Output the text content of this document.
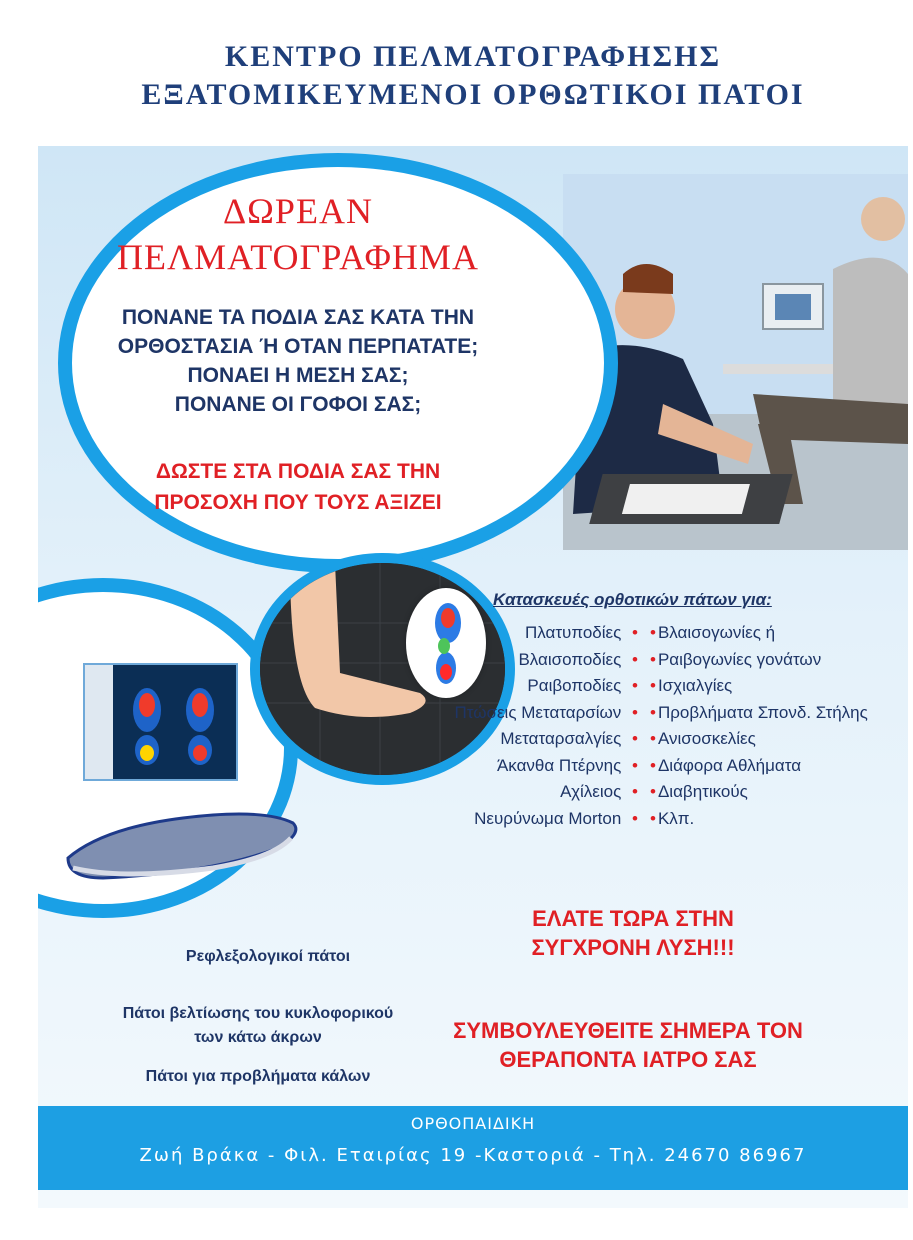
ΚΕΝΤΡΟ ΠΕΛΜΑΤΟΓΡΑΦΗΣΗΣ
ΕΞΑΤΟΜΙΚΕΥΜΕΝΟΙ ΟΡΘΩΤΙΚΟΙ ΠΑΤΟΙ
ΔΩΡΕΑΝ
ΠΕΛΜΑΤΟΓΡΑΦΗΜΑ
ΠΟΝΑΝΕ ΤΑ ΠΟΔΙΑ ΣΑΣ ΚΑΤΑ ΤΗΝ
ΟΡΘΟΣΤΑΣΙΑ Ή ΟΤΑΝ ΠΕΡΠΑΤΑΤΕ;
ΠΟΝΑΕΙ Η ΜΕΣΗ ΣΑΣ;
ΠΟΝΑΝΕ ΟΙ ΓΟΦΟΙ ΣΑΣ;
ΔΩΣΤΕ ΣΤΑ ΠΟΔΙΑ ΣΑΣ ΤΗΝ
ΠΡΟΣΟΧΗ ΠΟΥ ΤΟΥΣ ΑΞΙΖΕΙ
Κατασκευές ορθοτικών πάτων για:
Πλατυποδίες •
Βλαισοποδίες •
Ραιβοποδίες •
Πτώσεις Μεταταρσίων •
Μεταταρσαλγίες •
Άκανθα Πτέρνης •
Αχίλειος •
Νευρύνωμα Morton •
• Βλαισογωνίες ή
• Ραιβογωνίες γονάτων
• Ισχιαλγίες
• Προβλήματα Σπονδ. Στήλης
• Ανισοσκελίες
• Διάφορα Αθλήματα
• Διαβητικούς
• Κλπ.
Ρεφλεξολογικοί πάτοι
Πάτοι βελτίωσης του κυκλοφορικού
των κάτω άκρων
Πάτοι για προβλήματα κάλων
ΕΛΑΤΕ ΤΩΡΑ ΣΤΗΝ
ΣΥΓΧΡΟΝΗ ΛΥΣΗ!!!
ΣΥΜΒΟΥΛΕΥΘΕΙΤΕ ΣΗΜΕΡΑ ΤΟΝ
ΘΕΡΑΠΟΝΤΑ ΙΑΤΡΟ ΣΑΣ
ΟΡΘΟΠΑΙΔΙΚΗ
Ζωή Βράκα - Φιλ. Εταιρίας 19 -Καστοριά - Τηλ. 24670 86967
